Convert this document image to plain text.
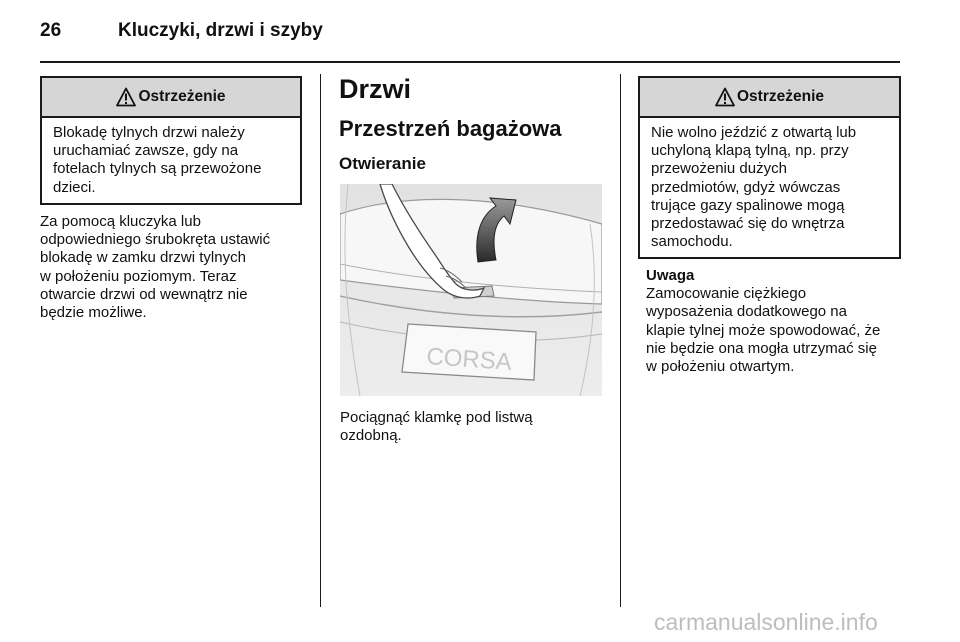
26	Kluczyki, drzwi i szyby
Ostrzeżenie
Blokadę tylnych drzwi należy
uruchamiać zawsze, gdy na
fotelach tylnych są przewożone
dzieci.
Za pomocą kluczyka lub
odpowiedniego śrubokręta ustawić
blokadę w zamku drzwi tylnych
w położeniu poziomym. Teraz
otwarcie drzwi od wewnątrz nie
będzie możliwe.
Drzwi
Przestrzeń bagażowa
Otwieranie
CORSA
Pociągnąć klamkę pod listwą
ozdobną.
Ostrzeżenie
Nie wolno jeździć z otwartą lub
uchyloną klapą tylną, np. przy
przewożeniu dużych
przedmiotów, gdyż wówczas
trujące gazy spalinowe mogą
przedostawać się do wnętrza
samochodu.
Uwaga
Zamocowanie ciężkiego
wyposażenia dodatkowego na
klapie tylnej może spowodować, że
nie będzie ona mogła utrzymać się
w położeniu otwartym.
carmanualsonline.info
